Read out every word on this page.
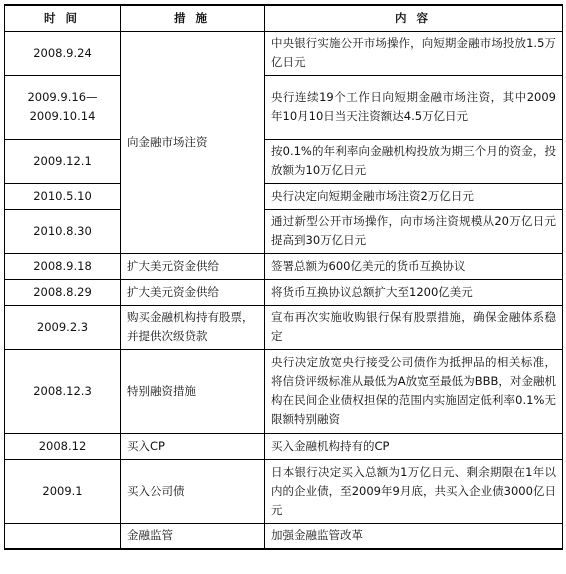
时间	措施	内容
2008.9.24	向金融市场注资	中央银行实施公开市场操作，向短期金融市场投放1.5万亿日元
2009.9.16—2009.10.14		央行连续19个工作日向短期金融市场注资，其中2009年10月10日当天注资额达4.5万亿日元
2009.12.1		按0.1%的年利率向金融机构投放为期三个月的资金，投放额为10万亿日元
2010.5.10		央行决定向短期金融市场注资2万亿日元
2010.8.30		通过新型公开市场操作，向市场注资规模从20万亿日元提高到30万亿日元
2008.9.18	扩大美元资金供给	签署总额为600亿美元的货币互换协议
2008.8.29	扩大美元资金供给	将货币互换协议总额扩大至1200亿美元
2009.2.3	购买金融机构持有股票，并提供次级贷款	宣布再次实施收购银行保有股票措施，确保金融体系稳定
2008.12.3	特别融资措施	央行决定放宽央行接受公司债作为抵押品的相关标准，将信贷评级标准从最低为A放宽至最低为BBB，对金融机构在民间企业债权担保的范围内实施固定低利率0.1%无限额特别融资
2008.12	买入CP	买入金融机构持有的CP
2009.1	买入公司债	日本银行决定买入总额为1万亿日元、剩余期限在1年以内的企业债，至2009年9月底，共买入企业债3000亿日元
	金融监管	加强金融监管改革
